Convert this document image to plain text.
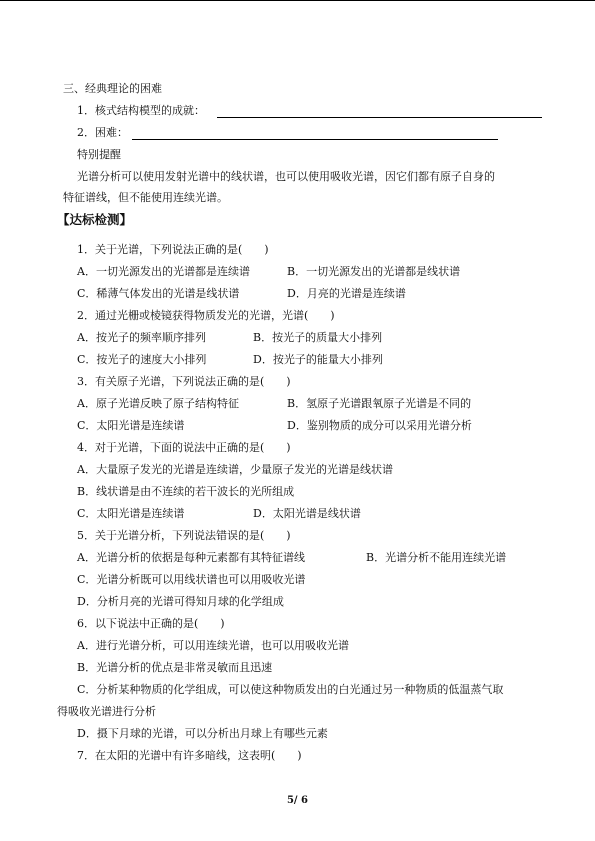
三、经典理论的困难
1．核式结构模型的成就：
2．困难：
特别提醒
光谱分析可以使用发射光谱中的线状谱，也可以使用吸收光谱，因它们都有原子自身的
特征谱线，但不能使用连续光谱。
【达标检测】
1．关于光谱，下列说法正确的是(　　)
A．一切光源发出的光谱都是连续谱	B．一切光源发出的光谱都是线状谱
C．稀薄气体发出的光谱是线状谱	D．月亮的光谱是连续谱
2．通过光栅或棱镜获得物质发光的光谱，光谱(　　)
A．按光子的频率顺序排列	B．按光子的质量大小排列
C．按光子的速度大小排列	D．按光子的能量大小排列
3．有关原子光谱，下列说法正确的是(　　)
A．原子光谱反映了原子结构特征	B．氢原子光谱跟氧原子光谱是不同的
C．太阳光谱是连续谱	D．鉴别物质的成分可以采用光谱分析
4．对于光谱，下面的说法中正确的是(　　)
A．大量原子发光的光谱是连续谱，少量原子发光的光谱是线状谱
B．线状谱是由不连续的若干波长的光所组成
C．太阳光谱是连续谱	D．太阳光谱是线状谱
5．关于光谱分析，下列说法错误的是(　　)
A．光谱分析的依据是每种元素都有其特征谱线	B．光谱分析不能用连续光谱
C．光谱分析既可以用线状谱也可以用吸收光谱
D．分析月亮的光谱可得知月球的化学组成
6．以下说法中正确的是(　　)
A．进行光谱分析，可以用连续光谱，也可以用吸收光谱
B．光谱分析的优点是非常灵敏而且迅速
C．分析某种物质的化学组成，可以使这种物质发出的白光通过另一种物质的低温蒸气取
得吸收光谱进行分析
D．摄下月球的光谱，可以分析出月球上有哪些元素
7．在太阳的光谱中有许多暗线，这表明(　　)
5/ 6
